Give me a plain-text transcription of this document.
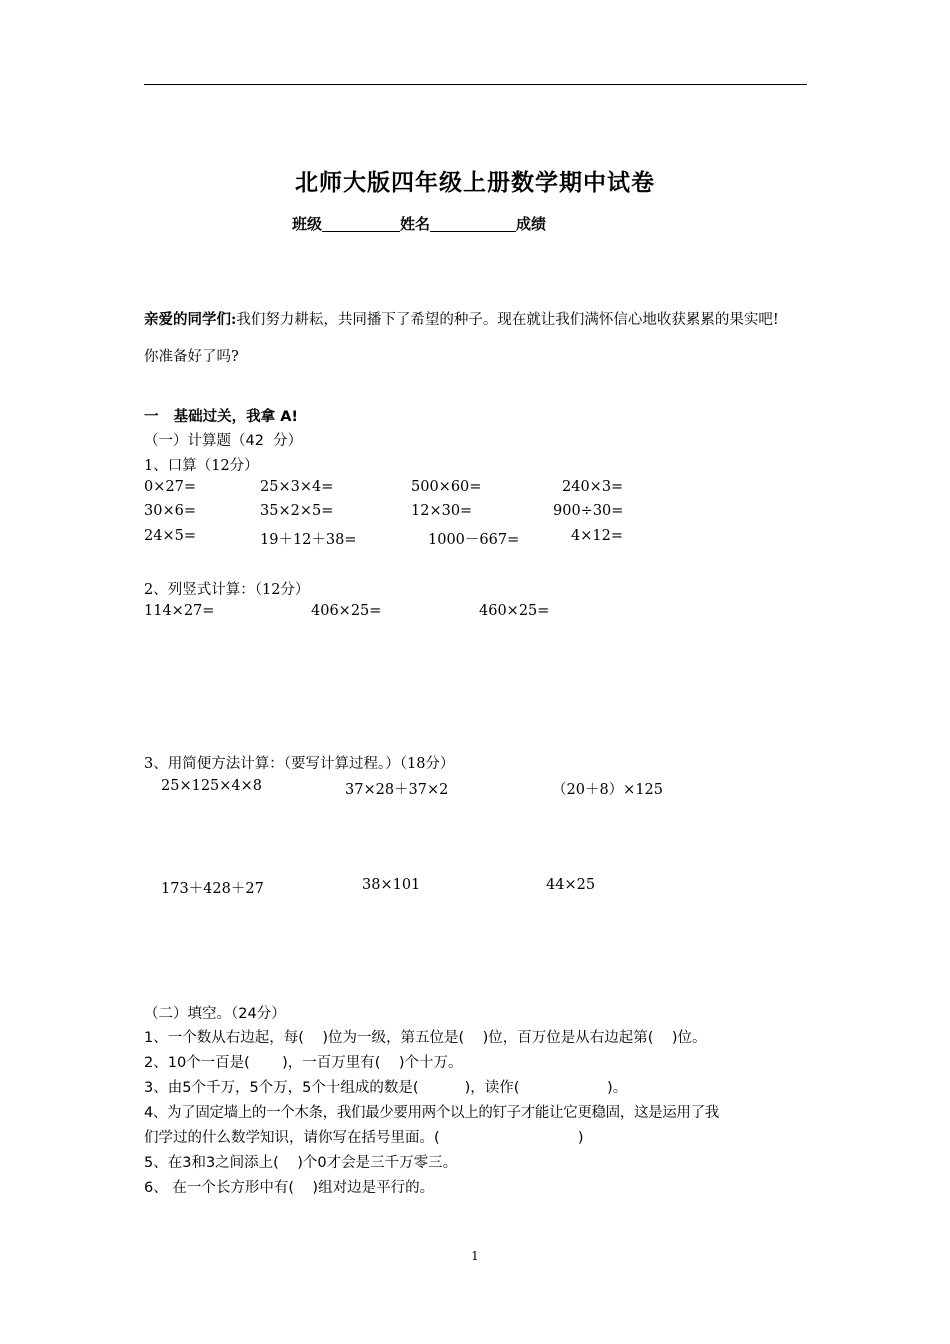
北师大版四年级上册数学期中试卷
班级	姓名	成绩
亲爱的同学们:我们努力耕耘，共同播下了希望的种子。现在就让我们满怀信心地收获累累的果实吧!
你准备好了吗?
一   基础过关，我拿 A!
（一）计算题（42  分）
1、口算（12分）
0×27=	25×3×4=	500×60=	240×3=
30×6=	35×2×5=	12×30=	900÷30=
24×5=	19＋12＋38=	1000－667=	4×12=
2、列竖式计算：（12分）
114×27=	406×25=	460×25=
3、用简便方法计算：（要写计算过程。）（18分）
25×125×4×8	37×28＋37×2	（20＋8）×125
173＋428＋27	38×101	44×25
（二）填空。（24分）
1、一个数从右边起，每(    )位为一级，第五位是(    )位，百万位是从右边起第(    )位。
2、10个一百是(       )，一百万里有(    )个十万。
3、由5个千万，5个万，5个十组成的数是(          )，读作(                   )。
4、为了固定墙上的一个木条，我们最少要用两个以上的钉子才能让它更稳固，这是运用了我
们学过的什么数学知识，请你写在括号里面。(                              )
5、在3和3之间添上(    )个0才会是三千万零三。
6、 在一个长方形中有(    )组对边是平行的。
1
